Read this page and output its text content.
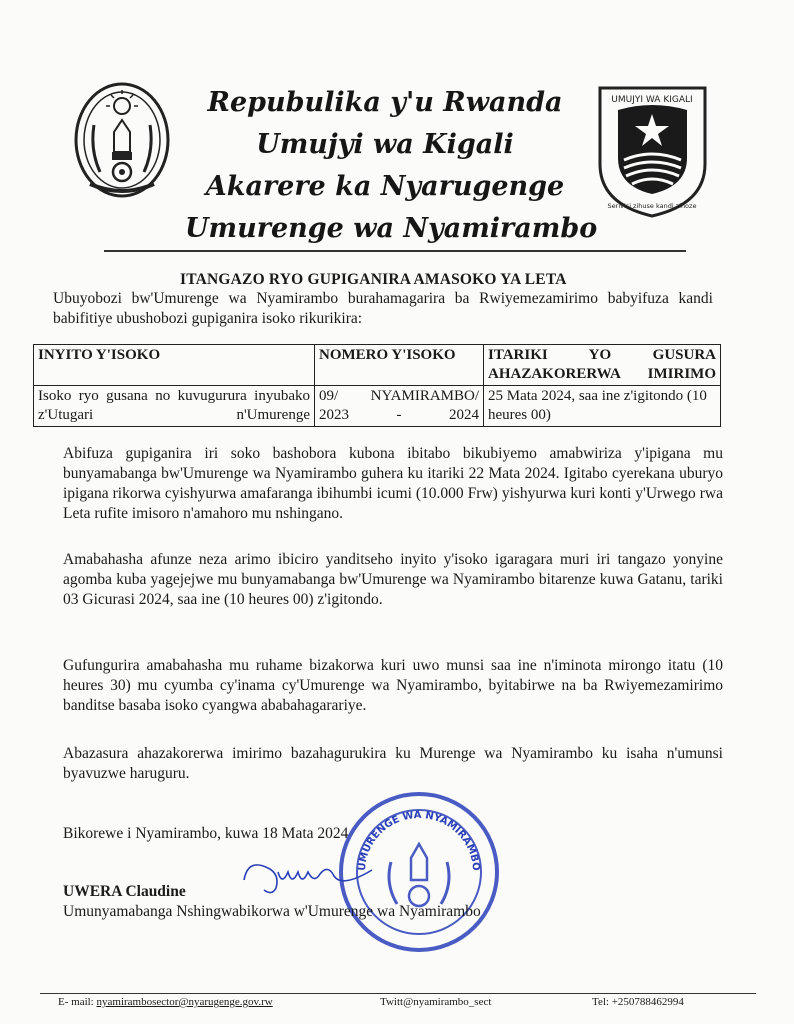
Repubulika y'u Rwanda
Umujyi wa Kigali
Akarere ka Nyarugenge
Umurenge wa Nyamirambo
UMUJYI WA KIGALI
Serivisi zihuse kandi zinoze
ITANGAZO RYO GUPIGANIRA AMASOKO YA LETA
Ubuyobozi bw'Umurenge wa Nyamirambo burahamagarira ba Rwiyemezamirimo babyifuza kandi babifitiye ubushobozi gupiganira isoko rikurikira:
INYITO Y'ISOKO	NOMERO Y'ISOKO	ITARIKI YO GUSURA AHAZAKORERWA IMIRIMO
Isoko ryo gusana no kuvugurura inyubako z'Utugari n'Umurenge	09/ NYAMIRAMBO/ 2023 - 2024	25 Mata 2024, saa ine z'igitondo (10 heures 00)
Abifuza gupiganira iri soko bashobora kubona ibitabo bikubiyemo amabwiriza y'ipigana mu bunyamabanga bw'Umurenge wa Nyamirambo guhera ku itariki 22 Mata 2024. Igitabo cyerekana uburyo ipigana rikorwa cyishyurwa amafaranga ibihumbi icumi (10.000 Frw) yishyurwa kuri konti y'Urwego rwa Leta rufite imisoro n'amahoro mu nshingano.
Amabahasha afunze neza arimo ibiciro yanditseho inyito y'isoko igaragara muri iri tangazo yonyine agomba kuba yagejejwe mu bunyamabanga bw'Umurenge wa Nyamirambo bitarenze kuwa Gatanu, tariki 03 Gicurasi 2024, saa ine (10 heures 00) z'igitondo.
Gufungurira amabahasha mu ruhame bizakorwa kuri uwo munsi saa ine n'iminota mirongo itatu (10 heures 30) mu cyumba cy'inama cy'Umurenge wa Nyamirambo, byitabirwe na ba Rwiyemezamirimo banditse basaba isoko cyangwa ababahagarariye.
Abazasura ahazakorerwa imirimo bazahagurukira ku Murenge wa Nyamirambo ku isaha n'umunsi byavuzwe haruguru.
Bikorewe i Nyamirambo, kuwa 18 Mata 2024
UMURENGE WA NYAMIRAMBO
UWERA Claudine
Umunyamabanga Nshingwabikorwa w'Umurenge wa Nyamirambo
E- mail: nyamirambosector@nyarugenge.gov.rw	Twitt@nyamirambo_sect	Tel: +250788462994
